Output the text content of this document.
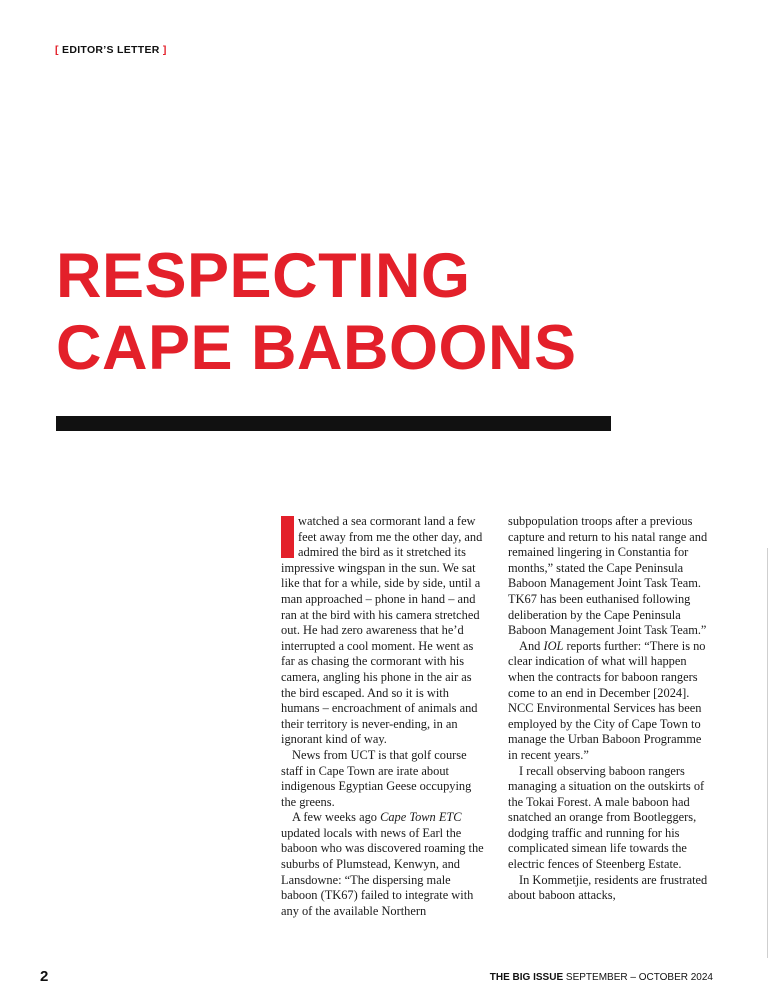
[ EDITOR’S LETTER ]
RESPECTING
CAPE BABOONS

watched a sea cormorant land a few feet away from me the other day, and admired the bird as it stretched its impressive wingspan in the sun. We sat like that for a while, side by side, until a man approached – phone in hand – and ran at the bird with his camera stretched out. He had zero awareness that he’d interrupted a cool moment. He went as far as chasing the cormorant with his camera, angling his phone in the air as the bird escaped. And so it is with humans – encroachment of animals and their territory is never-ending, in an ignorant kind of way.

News from UCT is that golf course staff in Cape Town are irate about indigenous Egyptian Geese occupying the greens.

A few weeks ago Cape Town ETC updated locals with news of Earl the baboon who was discovered roaming the suburbs of Plumstead, Kenwyn, and Lansdowne: “The dispersing male baboon (TK67) failed to integrate with any of the available Northern

subpopulation troops after a previous capture and return to his natal range and remained lingering in Constantia for months,” stated the Cape Peninsula Baboon Management Joint Task Team. TK67 has been euthanised following deliberation by the Cape Peninsula Baboon Management Joint Task Team.”

And IOL reports further: “There is no clear indication of what will happen when the contracts for baboon rangers come to an end in December [2024]. NCC Environmental Services has been employed by the City of Cape Town to manage the Urban Baboon Programme in recent years.”

I recall observing baboon rangers managing a situation on the outskirts of the Tokai Forest. A male baboon had snatched an orange from Bootleggers, dodging traffic and running for his complicated simean life towards the electric fences of Steenberg Estate.

In Kommetjie, residents are frustrated about baboon attacks,

2	THE BIG ISSUE SEPTEMBER – OCTOBER 2024
